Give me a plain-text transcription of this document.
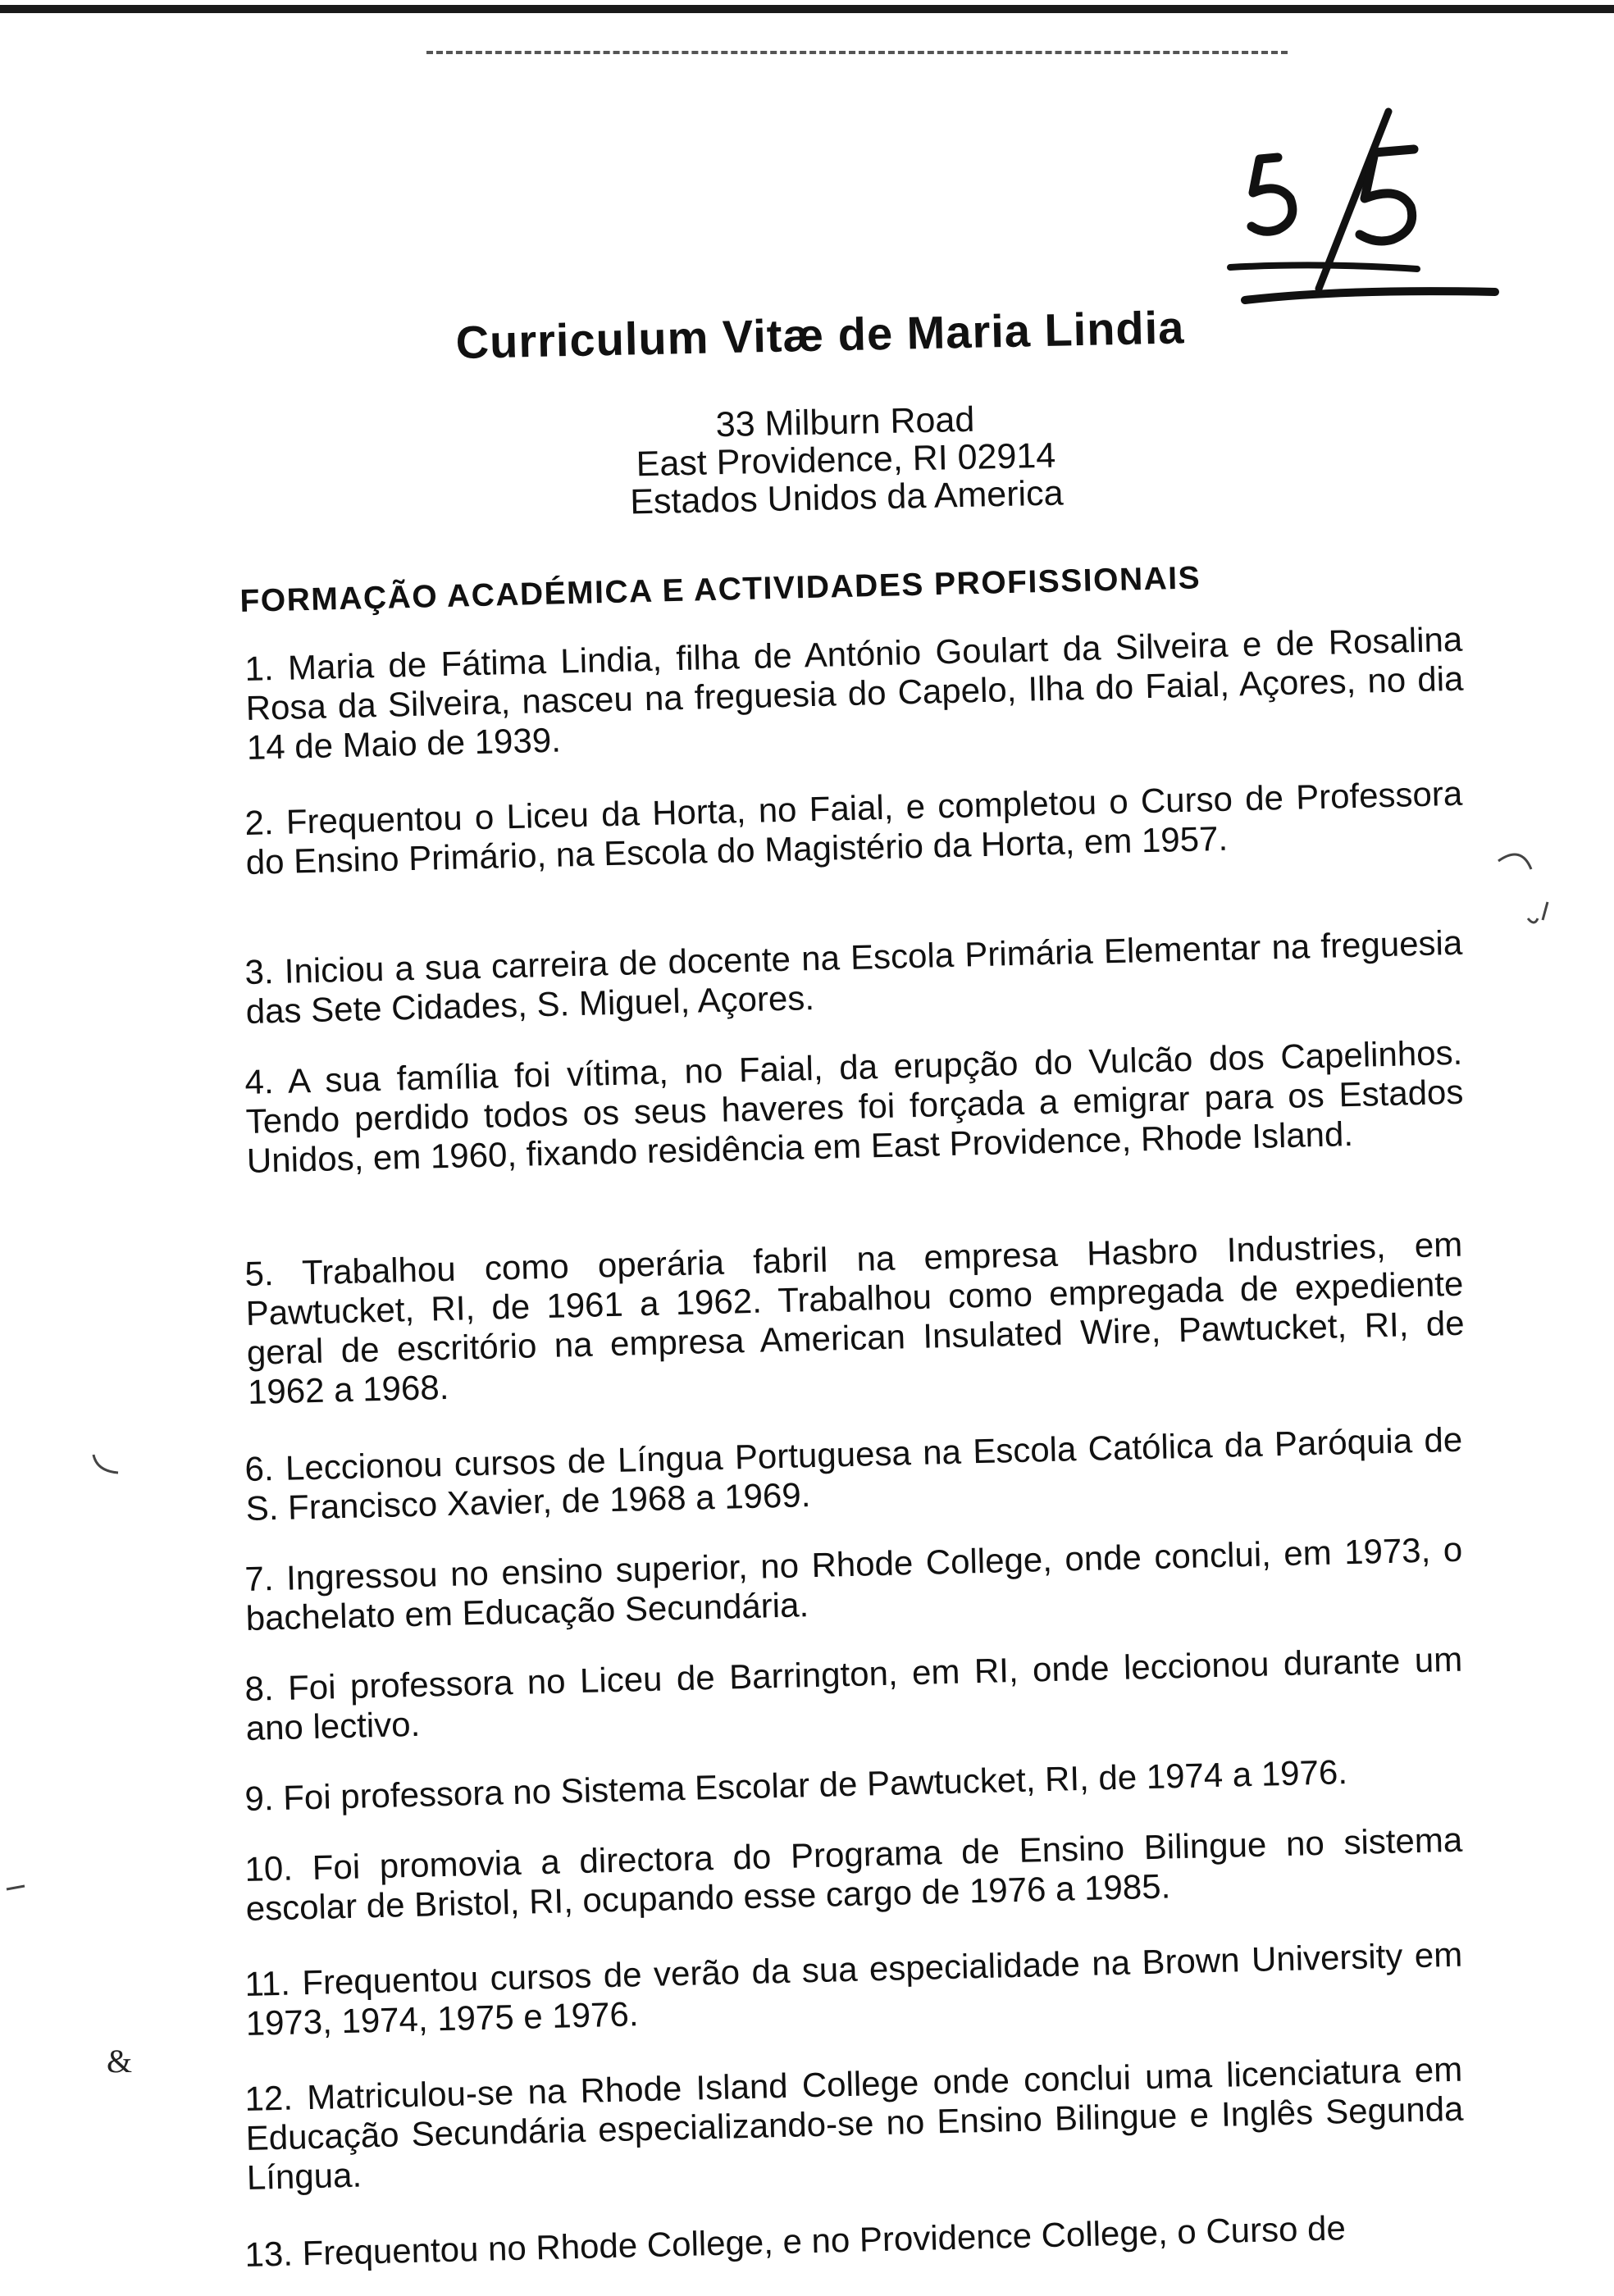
Curriculum Vitæ de Maria Lindia
33 Milburn Road
East Providence, RI 02914
Estados Unidos da America
FORMAÇÃO ACADÉMICA E ACTIVIDADES PROFISSIONAIS
1. Maria de Fátima Lindia, filha de António Goulart da Silveira e de Rosalina Rosa da Silveira, nasceu na freguesia do Capelo, Ilha do Faial, Açores, no dia 14 de Maio de 1939.
2. Frequentou o Liceu da Horta, no Faial, e completou o Curso de Professora do Ensino Primário, na Escola do Magistério da Horta, em 1957.
3. Iniciou a sua carreira de docente na Escola Primária Elementar na freguesia das Sete Cidades, S. Miguel, Açores.
4. A sua família foi vítima, no Faial, da erupção do Vulcão dos Capelinhos. Tendo perdido todos os seus haveres foi forçada a emigrar para os Estados Unidos, em 1960, fixando residência em East Providence, Rhode Island.
5. Trabalhou como operária fabril na empresa Hasbro Industries, em Pawtucket, RI, de 1961 a 1962. Trabalhou como empregada de expediente geral de escritório na empresa American Insulated Wire, Pawtucket, RI, de 1962 a 1968.
6. Leccionou cursos de Língua Portuguesa na Escola Católica da Paróquia de S. Francisco Xavier, de 1968 a 1969.
7. Ingressou no ensino superior, no Rhode College, onde conclui, em 1973, o bachelato em Educação Secundária.
8. Foi professora no Liceu de Barrington, em RI, onde leccionou durante um ano lectivo.
9. Foi professora no Sistema Escolar de Pawtucket, RI, de 1974 a 1976.
10. Foi promovia a directora do Programa de Ensino Bilingue no sistema escolar de Bristol, RI, ocupando esse cargo de 1976 a 1985.
11. Frequentou cursos de verão da sua especialidade na Brown University em 1973, 1974, 1975 e 1976.
12. Matriculou-se na Rhode Island College onde conclui uma licenciatura em Educação Secundária especializando-se no Ensino Bilingue e Inglês Segunda Língua.
13. Frequentou no Rhode College, e no Providence College, o Curso de
&
